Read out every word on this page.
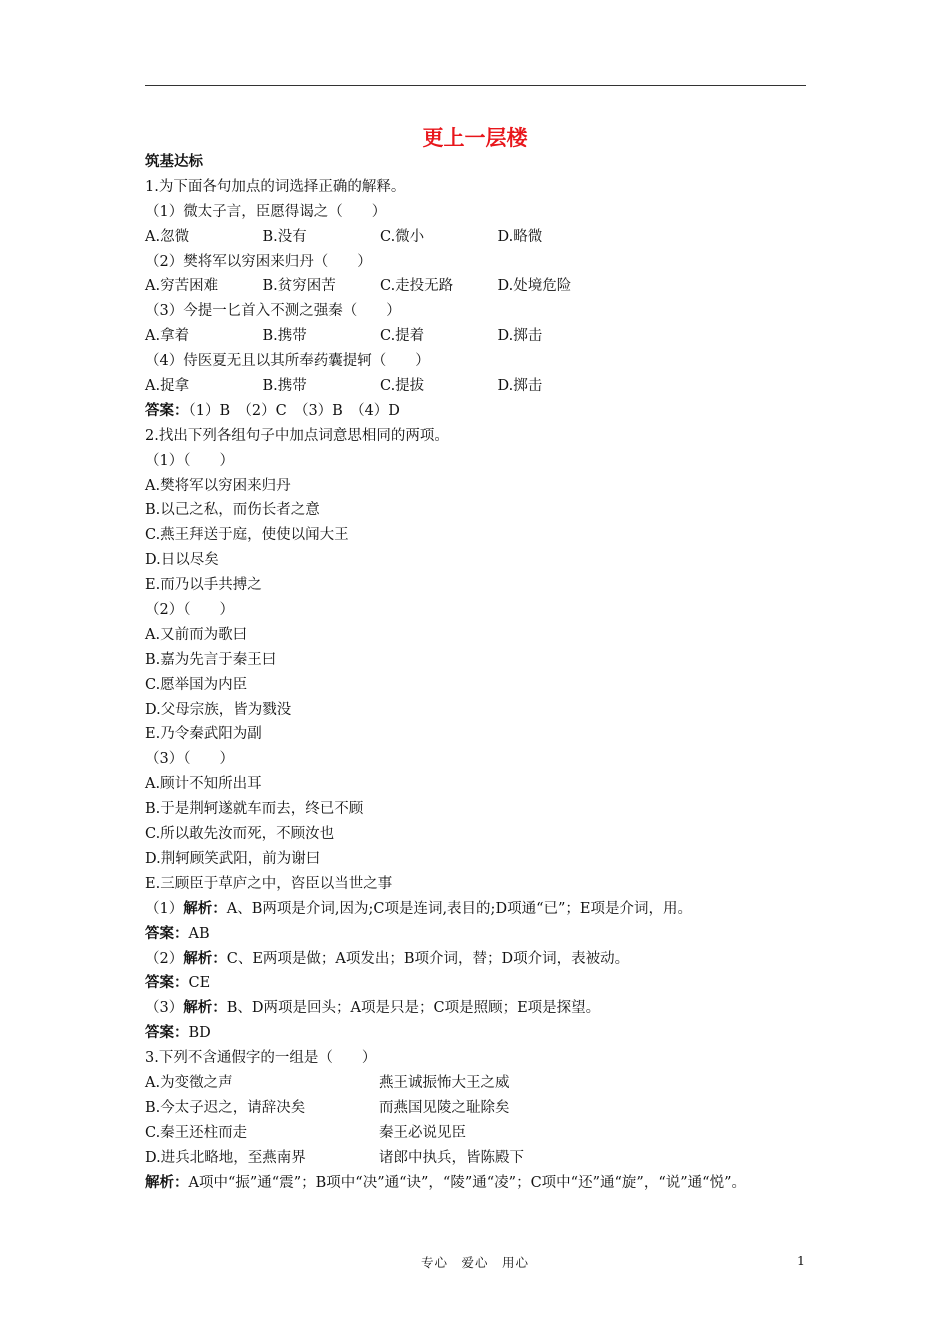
更上一层楼
筑基达标
1.为下面各句加点的词选择正确的解释。
（1）微太子言，臣愿得谒之（　　）
A.忽微	B.没有	C.微小	D.略微
（2）樊将军以穷困来归丹（　　）
A.穷苦困难	B.贫穷困苦	C.走投无路	D.处境危险
（3）今提一匕首入不测之强秦（　　）
A.拿着	B.携带	C.提着	D.掷击
（4）侍医夏无且以其所奉药囊提轲（　　）
A.捉拿	B.携带	C.提拔	D.掷击
答案：（1）B　（2）C　（3）B　（4）D
2.找出下列各组句子中加点词意思相同的两项。
（1）（　　）
A.樊将军以穷困来归丹
B.以己之私，而伤长者之意
C.燕王拜送于庭，使使以闻大王
D.日以尽矣
E.而乃以手共搏之
（2）（　　）
A.又前而为歌曰
B.嘉为先言于秦王曰
C.愿举国为内臣
D.父母宗族，皆为戮没
E.乃令秦武阳为副
（3）（　　）
A.顾计不知所出耳
B.于是荆轲遂就车而去，终已不顾
C.所以敢先汝而死，不顾汝也
D.荆轲顾笑武阳，前为谢曰
E.三顾臣于草庐之中，咨臣以当世之事
（1）解析：A、B两项是介词,因为;C项是连词,表目的;D项通“已”；E项是介词，用。
答案：AB
（2）解析：C、E两项是做；A项发出；B项介词，替；D项介词，表被动。
答案：CE
（3）解析：B、D两项是回头；A项是只是；C项是照顾；E项是探望。
答案：BD
3.下列不含通假字的一组是（　　）
A.为变徵之声	燕王诚振怖大王之威
B.今太子迟之，请辞决矣	而燕国见陵之耻除矣
C.秦王还柱而走	秦王必说见臣
D.进兵北略地，至燕南界	诸郎中执兵，皆陈殿下
解析：A项中“振”通“震”；B项中“决”通“诀”，“陵”通“凌”；C项中“还”通“旋”，“说”通“悦”。
专心　爱心　用心	1
